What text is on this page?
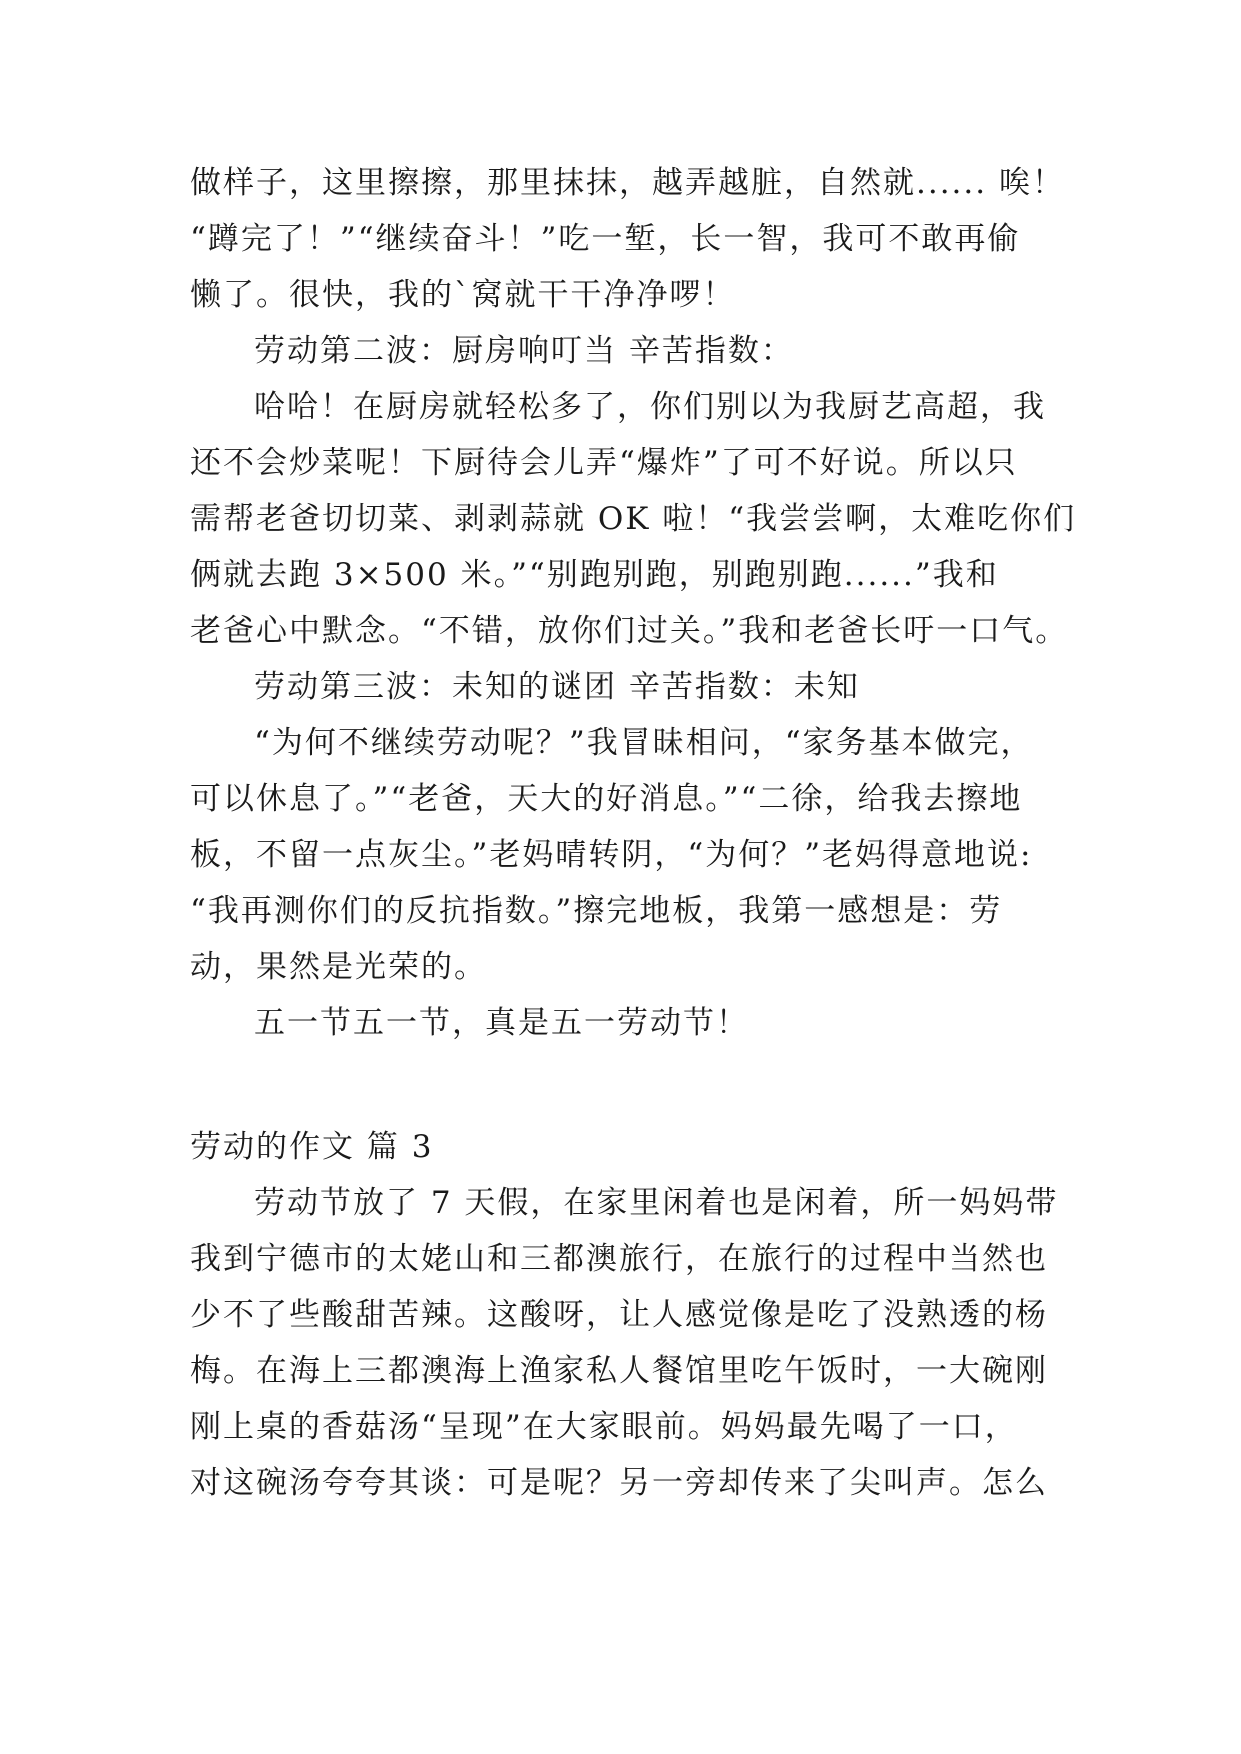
做样子，这里擦擦，那里抹抹，越弄越脏，自然就...... 唉！

“蹲完了！”“继续奋斗！”吃一堑，长一智，我可不敢再偷

懒了。很快，我的`窝就干干净净啰！

劳动第二波：厨房响叮当 辛苦指数：

哈哈！在厨房就轻松多了，你们别以为我厨艺高超，我

还不会炒菜呢！下厨待会儿弄“爆炸”了可不好说。所以只

需帮老爸切切菜、剥剥蒜就 OK 啦！“我尝尝啊，太难吃你们

俩就去跑 3×500 米。”“别跑别跑，别跑别跑......”我和

老爸心中默念。“不错，放你们过关。”我和老爸长吁一口气。

劳动第三波：未知的谜团 辛苦指数：未知

“为何不继续劳动呢？”我冒昧相问，“家务基本做完，

可以休息了。”“老爸，天大的好消息。”“二徐，给我去擦地

板，不留一点灰尘。”老妈晴转阴，“为何？”老妈得意地说:

“我再测你们的反抗指数。”擦完地板，我第一感想是：劳

动，果然是光荣的。

五一节五一节，真是五一劳动节！

劳动的作文 篇 3

劳动节放了 7 天假，在家里闲着也是闲着，所一妈妈带

我到宁德市的太姥山和三都澳旅行，在旅行的过程中当然也

少不了些酸甜苦辣。这酸呀，让人感觉像是吃了没熟透的杨

梅。在海上三都澳海上渔家私人餐馆里吃午饭时，一大碗刚

刚上桌的香菇汤“呈现”在大家眼前。妈妈最先喝了一口，

对这碗汤夸夸其谈：可是呢？另一旁却传来了尖叫声。怎么
